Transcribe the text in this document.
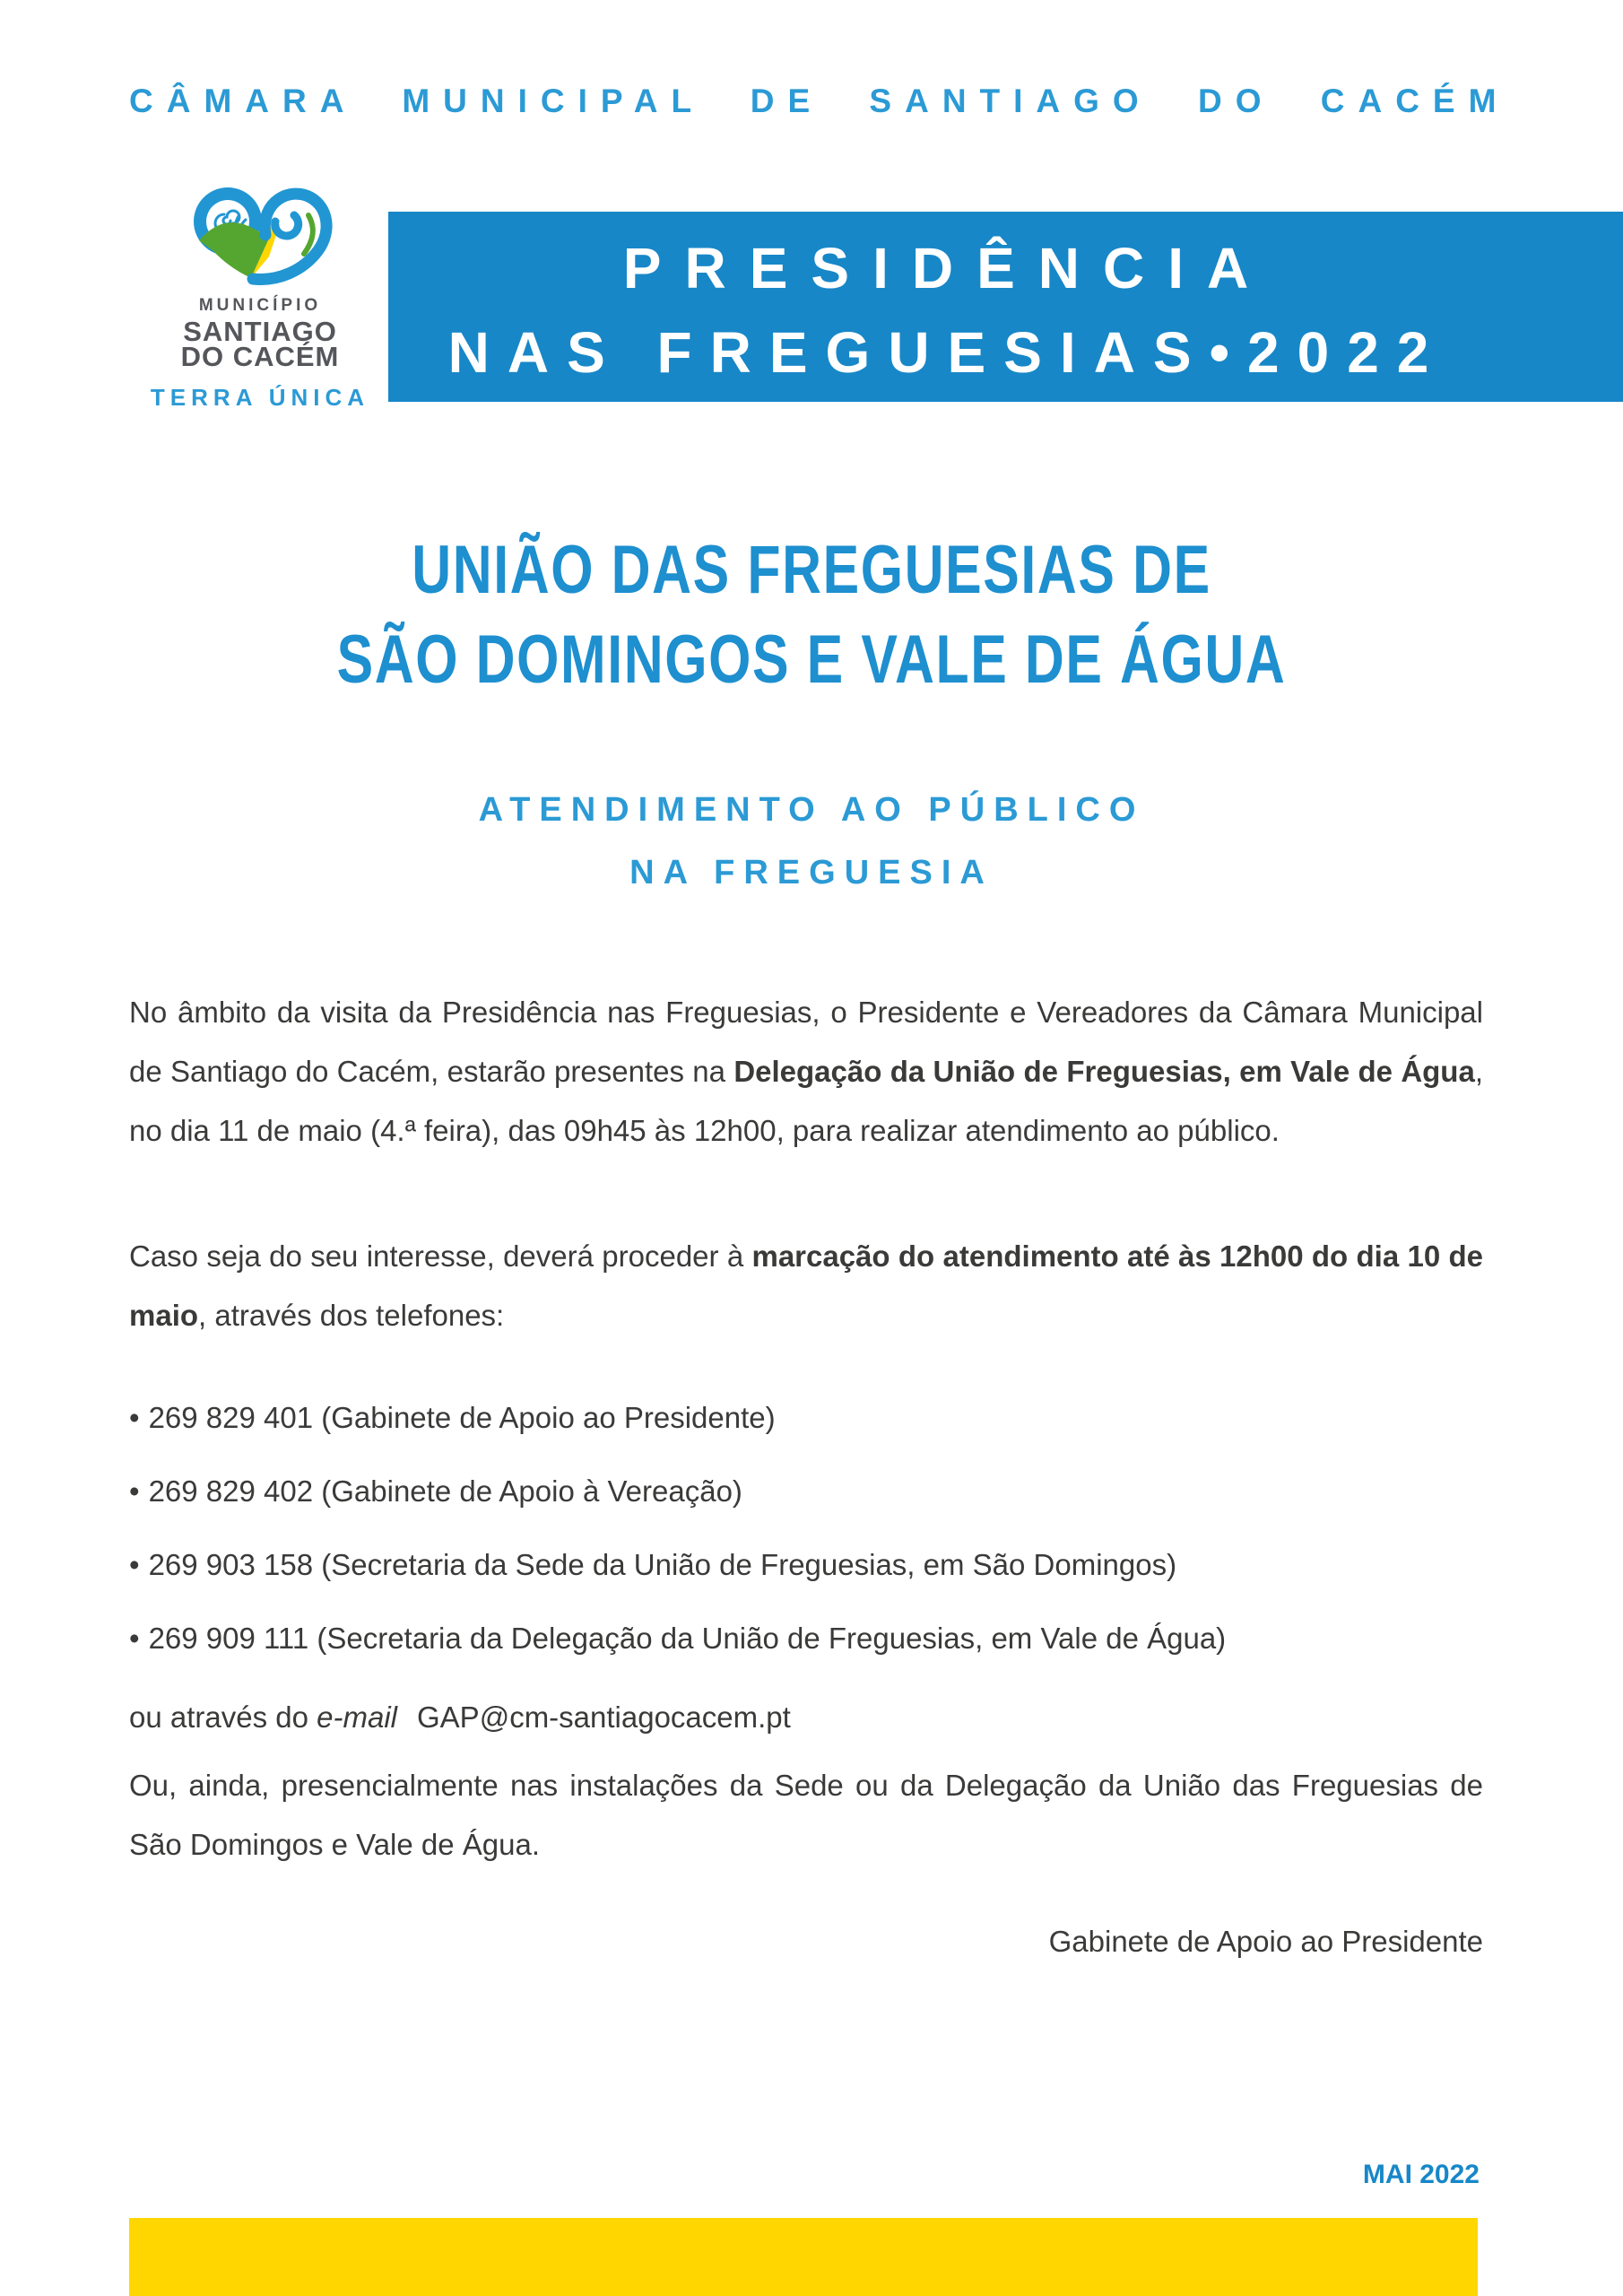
CÂMARA MUNICIPAL DE SANTIAGO DO CACÉM
MUNICÍPIO
SANTIAGO
DO CACÉM
TERRA ÚNICA
PRESIDÊNCIA
NAS FREGUESIAS•2022
UNIÃO DAS FREGUESIAS DE
SÃO DOMINGOS E VALE DE ÁGUA
ATENDIMENTO AO PÚBLICO
NA FREGUESIA

No âmbito da visita da Presidência nas Freguesias, o Presidente e Vereadores da Câmara Municipal de Santiago do Cacém, estarão presentes na Delegação da União de Freguesias, em Vale de Água, no dia 11 de maio (4.ª feira), das 09h45 às 12h00, para realizar atendimento ao público.

Caso seja do seu interesse, deverá proceder à marcação do atendimento até às 12h00 do dia 10 de maio, através dos telefones:

• 269 829 401 (Gabinete de Apoio ao Presidente)
• 269 829 402 (Gabinete de Apoio à Vereação)
• 269 903 158 (Secretaria da Sede da União de Freguesias, em São Domingos)
• 269 909 111 (Secretaria da Delegação da União de Freguesias, em Vale de Água)

ou através do e-mail GAP@cm-santiagocacem.pt

Ou, ainda, presencialmente nas instalações da Sede ou da Delegação da União das Freguesias de São Domingos e Vale de Água.

Gabinete de Apoio ao Presidente

MAI 2022
